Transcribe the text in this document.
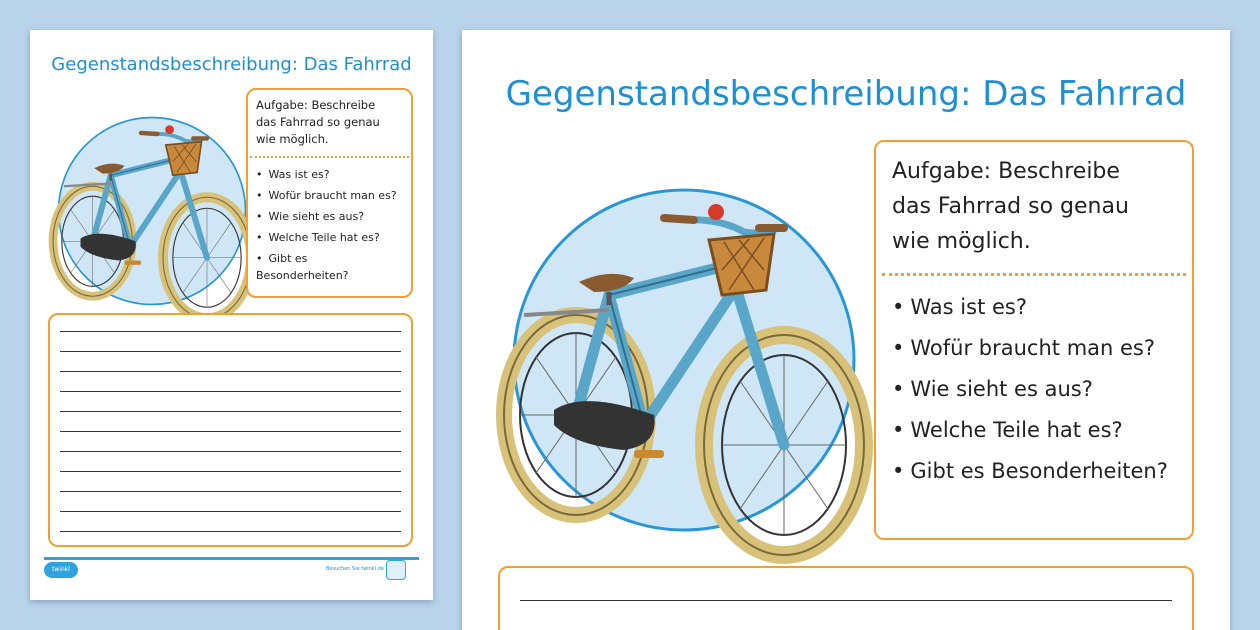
Gegenstandsbeschreibung: Das Fahrrad
Aufgabe: Beschreibe
das Fahrrad so genau
wie möglich.
• Was ist es?
• Wofür braucht man es?
• Wie sieht es aus?
• Welche Teile hat es?
• Gibt es Besonderheiten?
twinkl	Besuchen Sie twinkl.de
Gegenstandsbeschreibung: Das Fahrrad
Aufgabe: Beschreibe
das Fahrrad so genau
wie möglich.
• Was ist es?
• Wofür braucht man es?
• Wie sieht es aus?
• Welche Teile hat es?
• Gibt es Besonderheiten?
